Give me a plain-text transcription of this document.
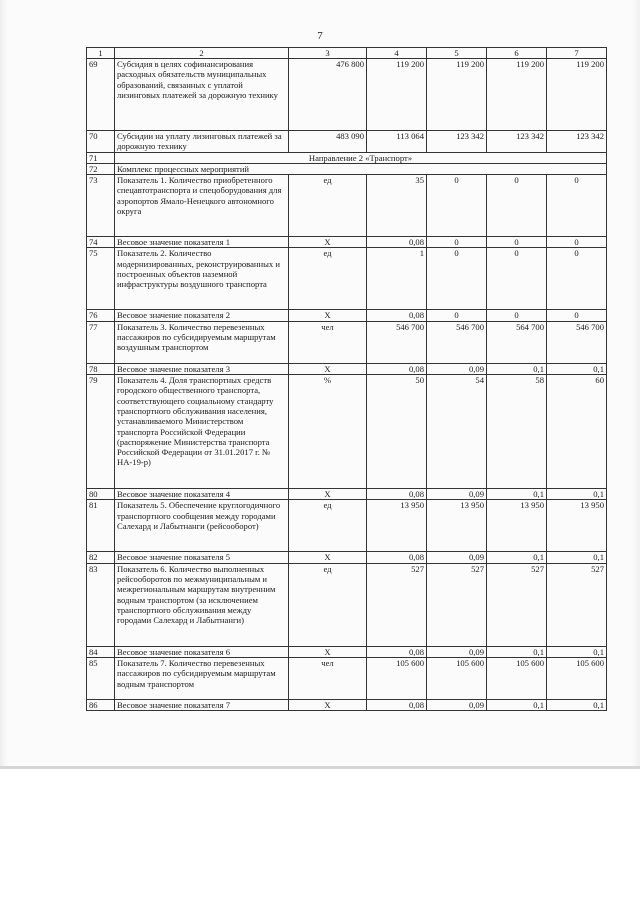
7
1	2	3	4	5	6	7
69	Субсидия в целях софинансирования расходных обязательств муниципальных образований, связанных с уплатой лизинговых платежей за дорожную технику	476 800	119 200	119 200	119 200	119 200
70	Субсидии на уплату лизинговых платежей за дорожную технику	483 090	113 064	123 342	123 342	123 342
71	Направление 2 «Транспорт»					
72	Комплекс процессных мероприятий					
73	Показатель 1. Количество приобретенного спецавтотранспорта и спецоборудования для аэропортов Ямало-Ненецкого автономного округа	ед	35	0	0	0
74	Весовое значение показателя 1	Х	0,08	0	0	0
75	Показатель 2. Количество модернизированных, реконструированных и построенных объектов наземной инфраструктуры воздушного транспорта	ед	1	0	0	0
76	Весовое значение показателя 2	Х	0,08	0	0	0
77	Показатель 3. Количество перевезенных пассажиров по субсидируемым маршрутам воздушным транспортом	чел	546 700	546 700	564 700	546 700
78	Весовое значение показателя 3	Х	0,08	0,09	0,1	0,1
79	Показатель 4. Доля транспортных средств городского общественного транспорта, соответствующего социальному стандарту транспортного обслуживания населения, устанавливаемого Министерством транспорта Российской Федерации (распоряжение Министерства транспорта Российской Федерации от 31.01.2017 г. № НА-19-р)	%	50	54	58	60
80	Весовое значение показателя 4	Х	0,08	0,09	0,1	0,1
81	Показатель 5. Обеспечение круглогодичного транспортного сообщения между городами Салехард и Лабытнанги (рейсооборот)	ед	13 950	13 950	13 950	13 950
82	Весовое значение показателя 5	Х	0,08	0,09	0,1	0,1
83	Показатель 6. Количество выполненных рейсооборотов по межмуниципальным и межрегиональным маршрутам внутренним водным транспортом (за исключением транспортного обслуживания между городами Салехард и Лабытнанги)	ед	527	527	527	527
84	Весовое значение показателя 6	Х	0,08	0,09	0,1	0,1
85	Показатель 7. Количество перевезенных пассажиров по субсидируемым маршрутам водным транспортом	чел	105 600	105 600	105 600	105 600
86	Весовое значение показателя 7	Х	0,08	0,09	0,1	0,1
